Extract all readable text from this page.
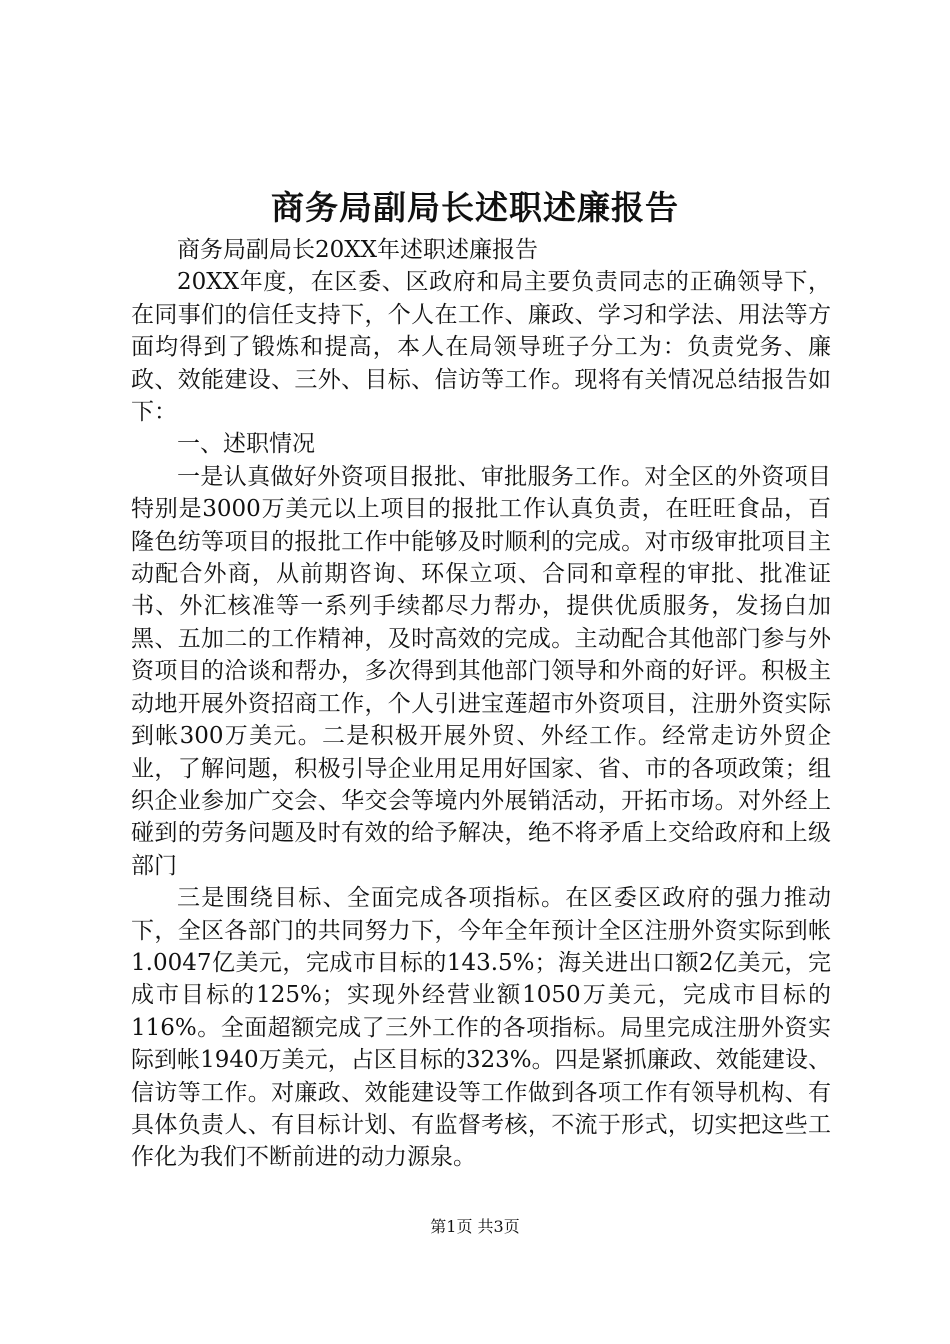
商务局副局长述职述廉报告

商务局副局长20XX年述职述廉报告

20XX年度，在区委、区政府和局主要负责同志的正确领导下，在同事们的信任支持下，个人在工作、廉政、学习和学法、用法等方面均得到了锻炼和提高，本人在局领导班子分工为：负责党务、廉政、效能建设、三外、目标、信访等工作。现将有关情况总结报告如下：

一、述职情况

一是认真做好外资项目报批、审批服务工作。对全区的外资项目特别是3000万美元以上项目的报批工作认真负责，在旺旺食品，百隆色纺等项目的报批工作中能够及时顺利的完成。对市级审批项目主动配合外商，从前期咨询、环保立项、合同和章程的审批、批准证书、外汇核准等一系列手续都尽力帮办，提供优质服务，发扬白加黑、五加二的工作精神，及时高效的完成。主动配合其他部门参与外资项目的洽谈和帮办，多次得到其他部门领导和外商的好评。积极主动地开展外资招商工作，个人引进宝莲超市外资项目，注册外资实际到帐300万美元。二是积极开展外贸、外经工作。经常走访外贸企业，了解问题，积极引导企业用足用好国家、省、市的各项政策；组织企业参加广交会、华交会等境内外展销活动，开拓市场。对外经上碰到的劳务问题及时有效的给予解决，绝不将矛盾上交给政府和上级部门

三是围绕目标、全面完成各项指标。在区委区政府的强力推动下，全区各部门的共同努力下，今年全年预计全区注册外资实际到帐1.0047亿美元，完成市目标的143.5%；海关进出口额2亿美元，完成市目标的125%；实现外经营业额1050万美元，完成市目标的116%。全面超额完成了三外工作的各项指标。局里完成注册外资实际到帐1940万美元，占区目标的323%。四是紧抓廉政、效能建设、信访等工作。对廉政、效能建设等工作做到各项工作有领导机构、有具体负责人、有目标计划、有监督考核，不流于形式，切实把这些工作化为我们不断前进的动力源泉。

第1页 共3页
